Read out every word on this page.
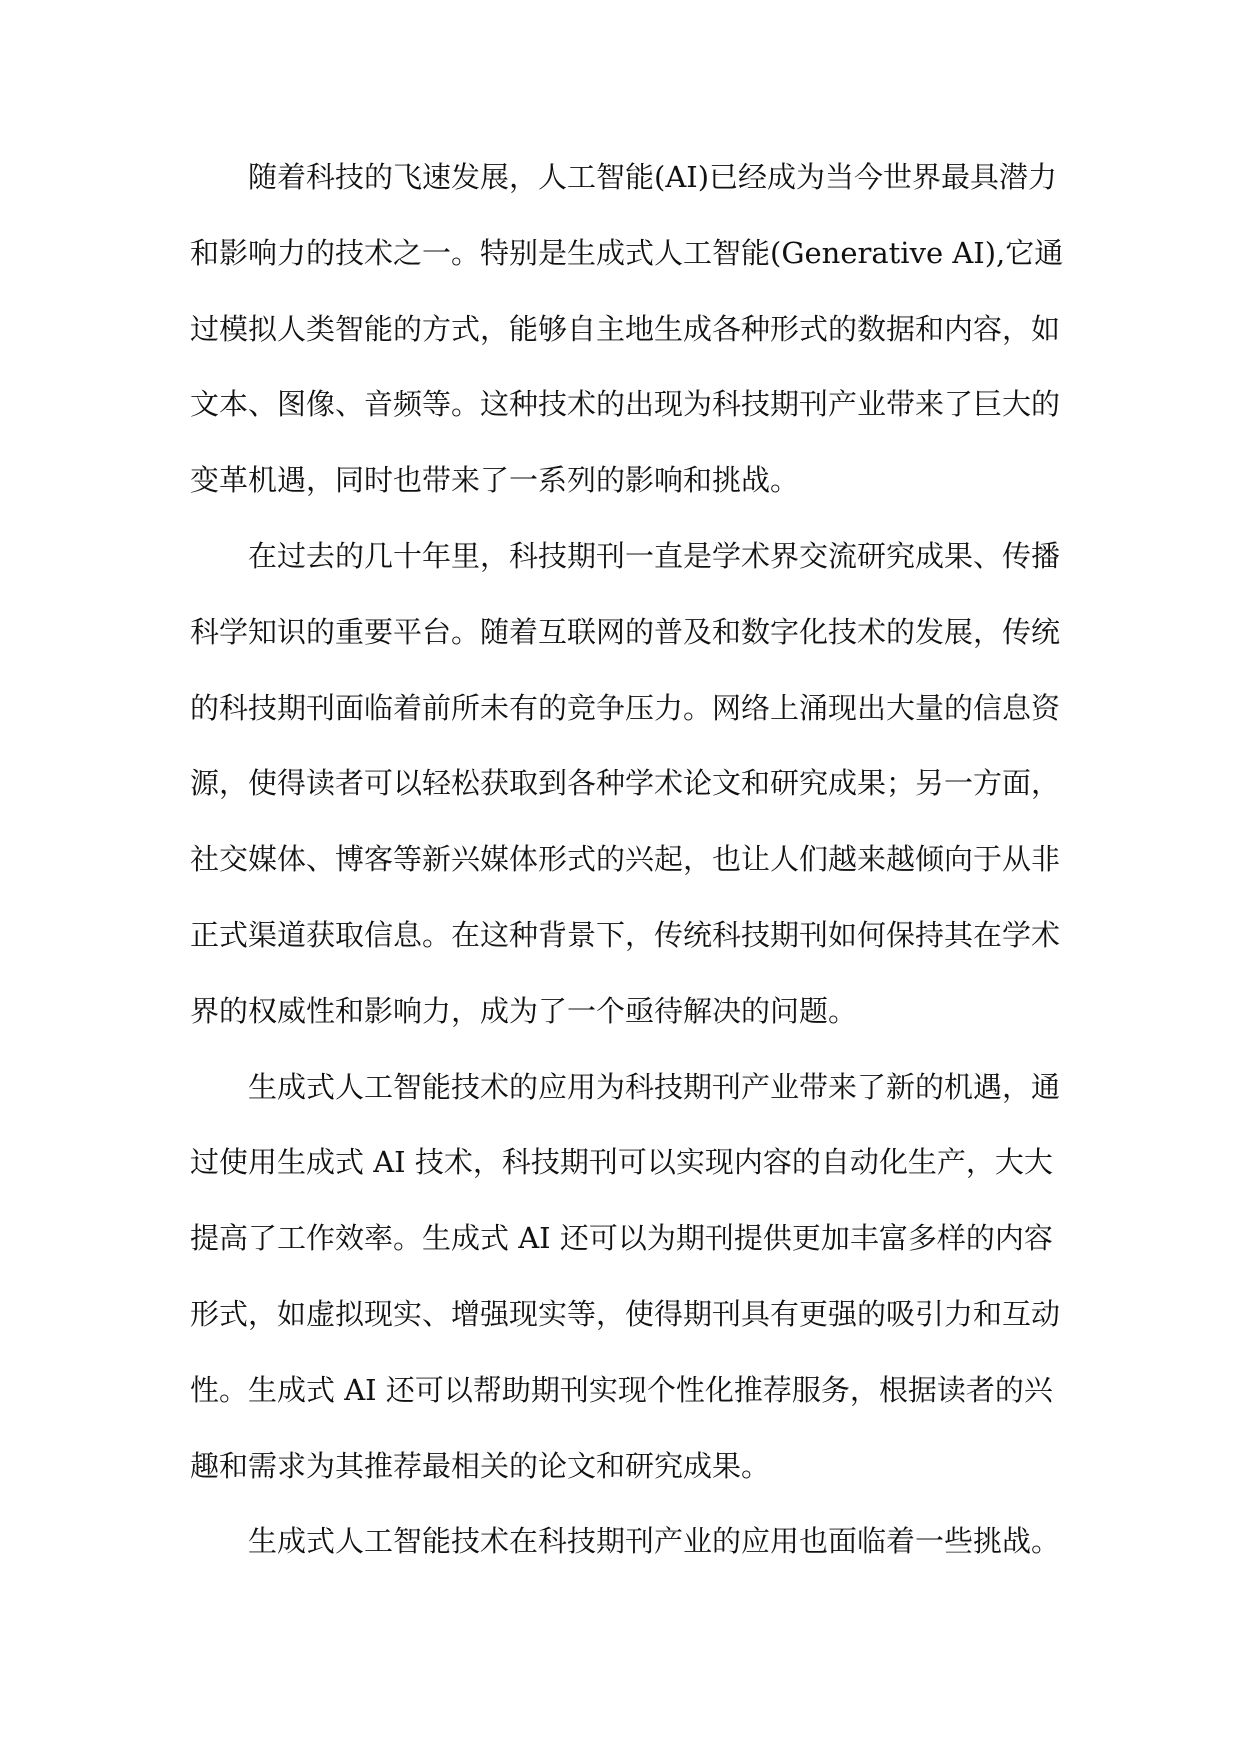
随着科技的飞速发展，人工智能(AI)已经成为当今世界最具潜力
和影响力的技术之一。特别是生成式人工智能(Generative AI),它通
过模拟人类智能的方式，能够自主地生成各种形式的数据和内容，如
文本、图像、音频等。这种技术的出现为科技期刊产业带来了巨大的
变革机遇，同时也带来了一系列的影响和挑战。
在过去的几十年里，科技期刊一直是学术界交流研究成果、传播
科学知识的重要平台。随着互联网的普及和数字化技术的发展，传统
的科技期刊面临着前所未有的竞争压力。网络上涌现出大量的信息资
源，使得读者可以轻松获取到各种学术论文和研究成果；另一方面，
社交媒体、博客等新兴媒体形式的兴起，也让人们越来越倾向于从非
正式渠道获取信息。在这种背景下，传统科技期刊如何保持其在学术
界的权威性和影响力，成为了一个亟待解决的问题。
生成式人工智能技术的应用为科技期刊产业带来了新的机遇，通
过使用生成式 AI 技术，科技期刊可以实现内容的自动化生产，大大
提高了工作效率。生成式 AI 还可以为期刊提供更加丰富多样的内容
形式，如虚拟现实、增强现实等，使得期刊具有更强的吸引力和互动
性。生成式 AI 还可以帮助期刊实现个性化推荐服务，根据读者的兴
趣和需求为其推荐最相关的论文和研究成果。
生成式人工智能技术在科技期刊产业的应用也面临着一些挑战。
